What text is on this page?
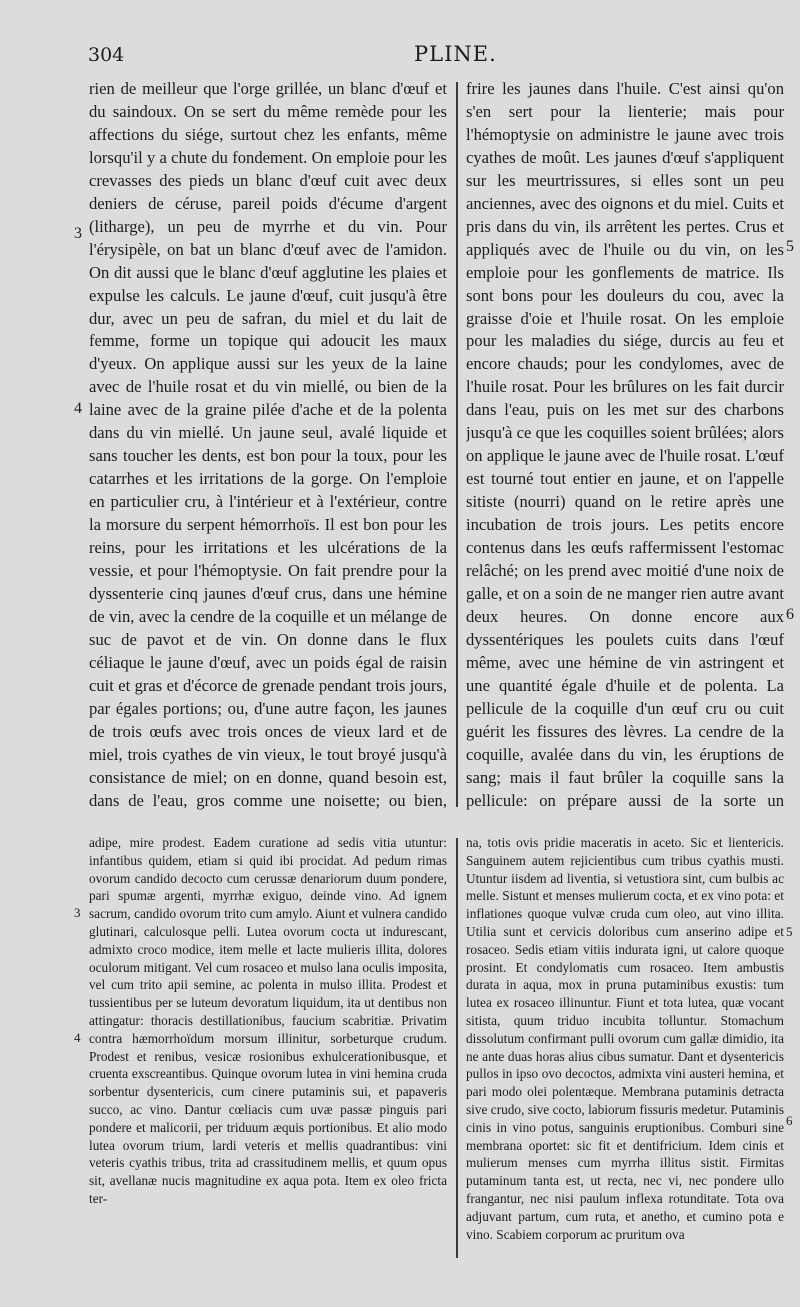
304	PLINE.

rien de meilleur que l'orge grillée, un blanc d'œuf et du saindoux. On se sert du même remède pour les affections du siége, surtout chez les enfants, même lorsqu'il y a chute du fondement. On emploie pour les crevasses des pieds un blanc d'œuf cuit avec deux deniers de céruse, pareil poids d'écume d'argent (litharge), un peu de myrrhe et du vin. Pour l'érysipèle, on bat un blanc d'œuf avec de l'amidon. On dit aussi que le blanc d'œuf agglutine les plaies et expulse les calculs. Le jaune d'œuf, cuit jusqu'à être dur, avec un peu de safran, du miel et du lait de femme, forme un topique qui adoucit les maux d'yeux. On applique aussi sur les yeux de la laine avec de l'huile rosat et du vin miellé, ou bien de la laine avec de la graine pilée d'ache et de la polenta dans du vin miellé. Un jaune seul, avalé liquide et sans toucher les dents, est bon pour la toux, pour les catarrhes et les irritations de la gorge. On l'emploie en particulier cru, à l'intérieur et à l'extérieur, contre la morsure du serpent hémorrhoïs. Il est bon pour les reins, pour les irritations et les ulcérations de la vessie, et pour l'hémoptysie. On fait prendre pour la dyssenterie cinq jaunes d'œuf crus, dans une hémine de vin, avec la cendre de la coquille et un mélange de suc de pavot et de vin. On donne dans le flux céliaque le jaune d'œuf, avec un poids égal de raisin cuit et gras et d'écorce de grenade pendant trois jours, par égales portions; ou, d'une autre façon, les jaunes de trois œufs avec trois onces de vieux lard et de miel, trois cyathes de vin vieux, le tout broyé jusqu'à consistance de miel; on en donne, quand besoin est, dans de l'eau, gros comme une noisette; ou bien,

frire les jaunes dans l'huile. C'est ainsi qu'on s'en sert pour la lienterie; mais pour l'hémoptysie on administre le jaune avec trois cyathes de moût. Les jaunes d'œuf s'appliquent sur les meurtrissures, si elles sont un peu anciennes, avec des oignons et du miel. Cuits et pris dans du vin, ils arrêtent les pertes. Crus et appliqués avec de l'huile ou du vin, on les emploie pour les gonflements de matrice. Ils sont bons pour les douleurs du cou, avec la graisse d'oie et l'huile rosat. On les emploie pour les maladies du siége, durcis au feu et encore chauds; pour les condylomes, avec de l'huile rosat. Pour les brûlures on les fait durcir dans l'eau, puis on les met sur des charbons jusqu'à ce que les coquilles soient brûlées; alors on applique le jaune avec de l'huile rosat. L'œuf est tourné tout entier en jaune, et on l'appelle sitiste (nourri) quand on le retire après une incubation de trois jours. Les petits encore contenus dans les œufs raffermissent l'estomac relâché; on les prend avec moitié d'une noix de galle, et on a soin de ne manger rien autre avant deux heures. On donne encore aux dyssentériques les poulets cuits dans l'œuf même, avec une hémine de vin astringent et une quantité égale d'huile et de polenta. La pellicule de la coquille d'un œuf cru ou cuit guérit les fissures des lèvres. La cendre de la coquille, avalée dans du vin, les éruptions de sang; mais il faut brûler la coquille sans la pellicule: on prépare aussi de la sorte un

adipe, mire prodest. Eadem curatione ad sedis vitia utuntur: infantibus quidem, etiam si quid ibi procidat. Ad pedum rimas ovorum candido decocto cum cerussæ denariorum duum pondere, pari spumæ argenti, myrrhæ exiguo, deinde vino. Ad ignem sacrum, candido ovorum trito cum amylo. Aiunt et vulnera candido glutinari, calculosque pelli. Lutea ovorum cocta ut indurescant, admixto croco modice, item melle et lacte mulieris illita, dolores oculorum mitigant. Vel cum rosaceo et mulso lana oculis imposita, vel cum trito apii semine, ac polenta in mulso illita. Prodest et tussientibus per se luteum devoratum liquidum, ita ut dentibus non attingatur: thoracis destillationibus, faucium scabritiæ. Privatim contra hæmorrhoïdum morsum illinitur, sorbeturque crudum. Prodest et renibus, vesicæ rosionibus exhulcerationibusque, et cruenta exscreantibus. Quinque ovorum lutea in vini hemina cruda sorbentur dysentericis, cum cinere putaminis sui, et papaveris succo, ac vino. Dantur cœliacis cum uvæ passæ pinguis pari pondere et malicorii, per triduum æquis portionibus. Et alio modo lutea ovorum trium, lardi veteris et mellis quadrantibus: vini veteris cyathis tribus, trita ad crassitudinem mellis, et quum opus sit, avellanæ nucis magnitudine ex aqua pota. Item ex oleo fricta ter-

na, totis ovis pridie maceratis in aceto. Sic et lientericis. Sanguinem autem rejicientibus cum tribus cyathis musti. Utuntur iisdem ad liventia, si vetustiora sint, cum bulbis ac melle. Sistunt et menses mulierum cocta, et ex vino pota: et inflationes quoque vulvæ cruda cum oleo, aut vino illita. Utilia sunt et cervicis doloribus cum anserino adipe et rosaceo. Sedis etiam vitiis indurata igni, ut calore quoque prosint. Et condylomatis cum rosaceo. Item ambustis durata in aqua, mox in pruna putaminibus exustis: tum lutea ex rosaceo illinuntur. Fiunt et tota lutea, quæ vocant sitista, quum triduo incubita tolluntur. Stomachum dissolutum confirmant pulli ovorum cum gallæ dimidio, ita ne ante duas horas alius cibus sumatur. Dant et dysentericis pullos in ipso ovo decoctos, admixta vini austeri hemina, et pari modo olei polentæque. Membrana putaminis detracta sive crudo, sive cocto, labiorum fissuris medetur. Putaminis cinis in vino potus, sanguinis eruptionibus. Comburi sine membrana oportet: sic fit et dentifricium. Idem cinis et mulierum menses cum myrrha illitus sistit. Firmitas putaminum tanta est, ut recta, nec vi, nec pondere ullo frangantur, nec nisi paulum inflexa rotunditate. Tota ova adjuvant partum, cum ruta, et anetho, et cumino pota e vino. Scabiem corporum ac pruritum ova

3
4
5
6
3
4
5
6
